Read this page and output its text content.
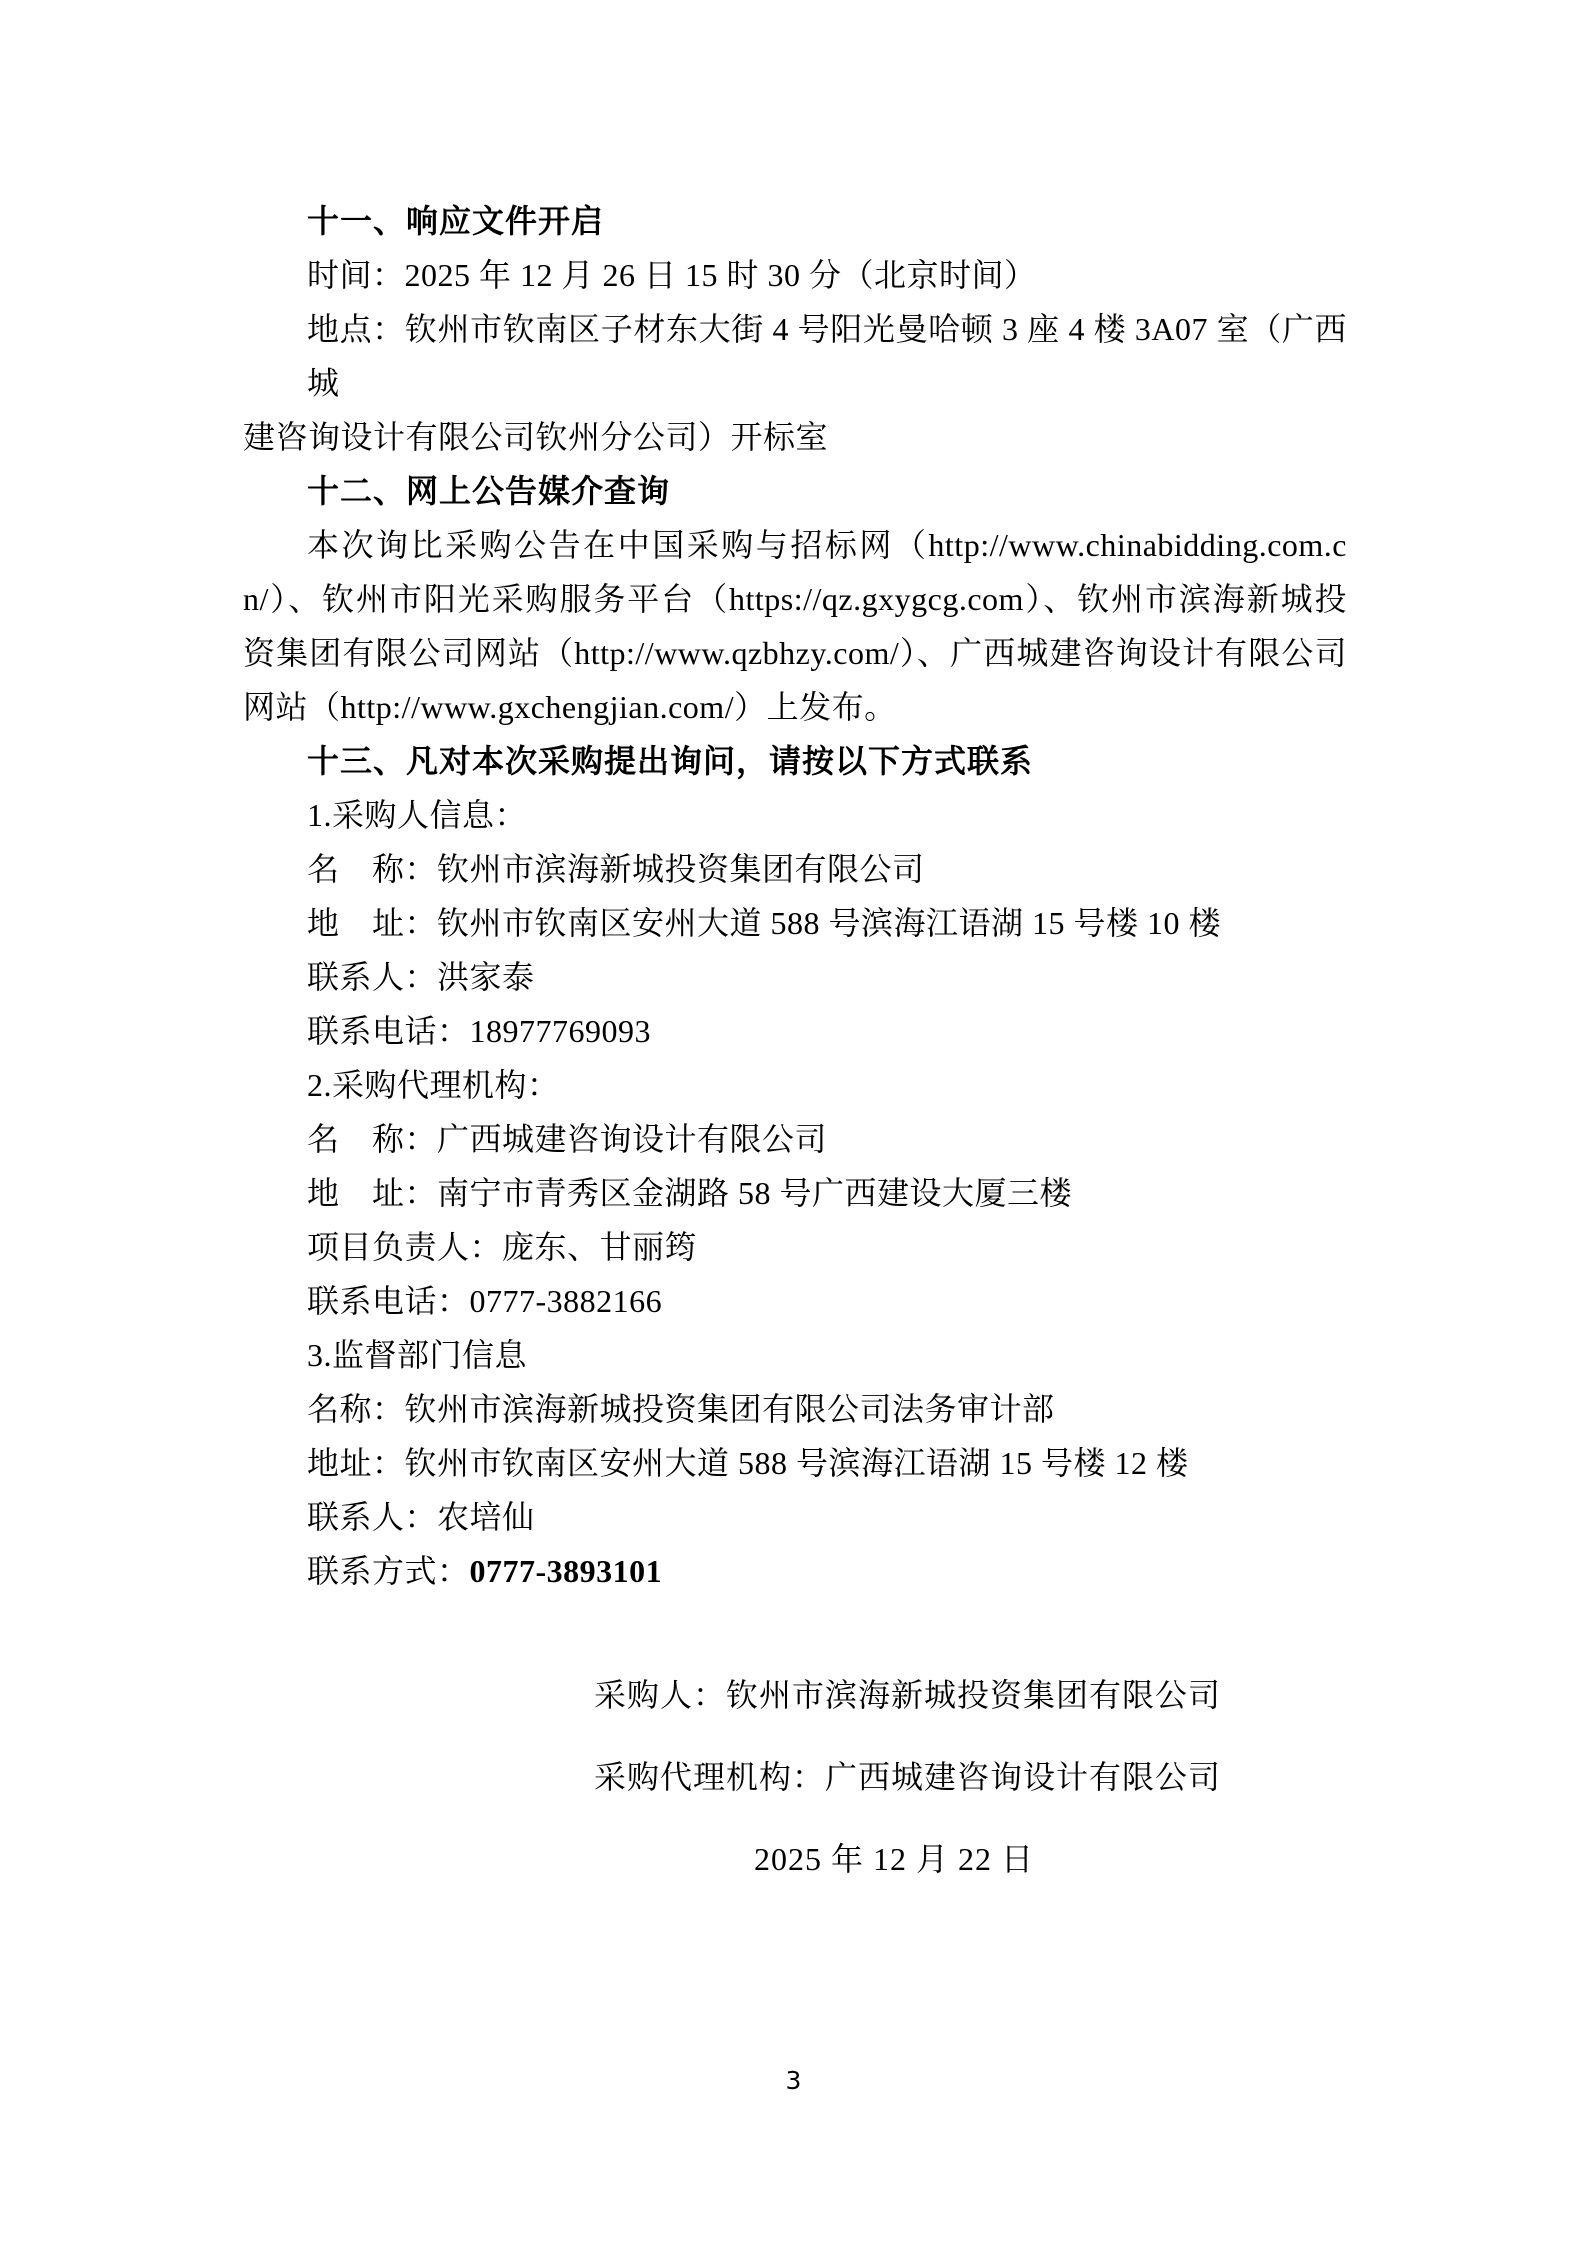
十一、响应文件开启
时间：2025 年 12 月 26 日 15 时 30 分（北京时间）
地点：钦州市钦南区子材东大街 4 号阳光曼哈顿 3 座 4 楼 3A07 室（广西城
建咨询设计有限公司钦州分公司）开标室
十二、网上公告媒介查询
本次询比采购公告在中国采购与招标网（http://www.chinabidding.com.c
n/）、钦州市阳光采购服务平台（https://qz.gxygcg.com）、钦州市滨海新城投
资集团有限公司网站（http://www.qzbhzy.com/）、广西城建咨询设计有限公司
网站（http://www.gxchengjian.com/）上发布。
十三、凡对本次采购提出询问，请按以下方式联系
1.采购人信息：
名　称：钦州市滨海新城投资集团有限公司
地　址：钦州市钦南区安州大道 588 号滨海江语湖 15 号楼 10 楼
联系人：洪家泰
联系电话：18977769093
2.采购代理机构：
名　称：广西城建咨询设计有限公司
地　址：南宁市青秀区金湖路 58 号广西建设大厦三楼
项目负责人：庞东、甘丽筠
联系电话：0777-3882166
3.监督部门信息
名称：钦州市滨海新城投资集团有限公司法务审计部
地址：钦州市钦南区安州大道 588 号滨海江语湖 15 号楼 12 楼
联系人：农培仙
联系方式：0777-3893101
采购人：钦州市滨海新城投资集团有限公司
采购代理机构：广西城建咨询设计有限公司
2025 年 12 月 22 日
3
